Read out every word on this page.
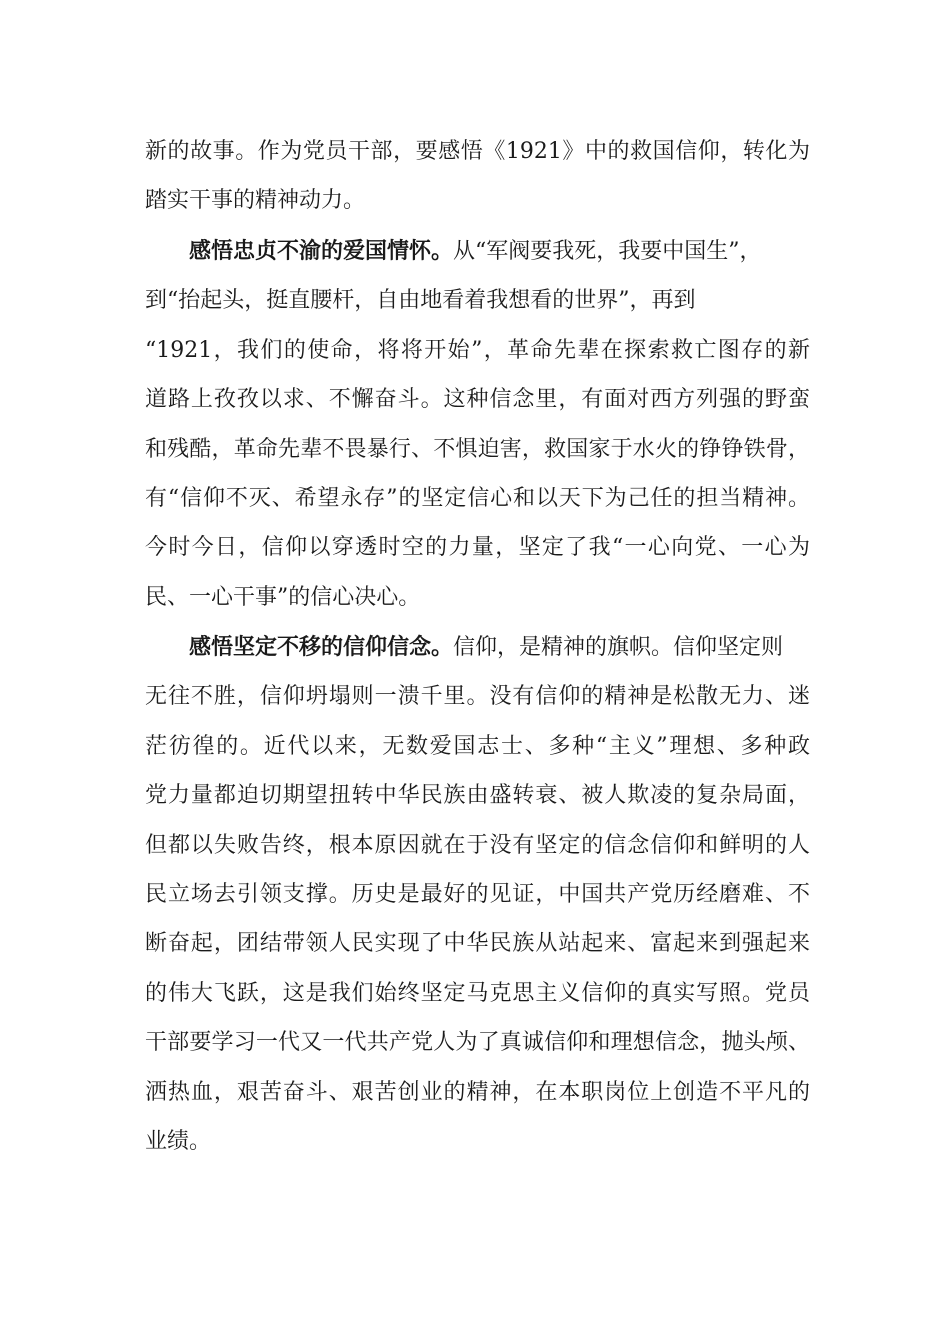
新的故事。作为党员干部，要感悟《1921》中的救国信仰，转化为
踏实干事的精神动力。
感悟忠贞不渝的爱国情怀。从“军阀要我死，我要中国生”，
到“抬起头，挺直腰杆，自由地看着我想看的世界”，再到
“1921，我们的使命，将将开始”，革命先辈在探索救亡图存的新
道路上孜孜以求、不懈奋斗。这种信念里，有面对西方列强的野蛮
和残酷，革命先辈不畏暴行、不惧迫害，救国家于水火的铮铮铁骨，
有“信仰不灭、希望永存”的坚定信心和以天下为己任的担当精神。
今时今日，信仰以穿透时空的力量，坚定了我“一心向党、一心为
民、一心干事”的信心决心。
感悟坚定不移的信仰信念。信仰，是精神的旗帜。信仰坚定则
无往不胜，信仰坍塌则一溃千里。没有信仰的精神是松散无力、迷
茫彷徨的。近代以来，无数爱国志士、多种“主义”理想、多种政
党力量都迫切期望扭转中华民族由盛转衰、被人欺凌的复杂局面，
但都以失败告终，根本原因就在于没有坚定的信念信仰和鲜明的人
民立场去引领支撑。历史是最好的见证，中国共产党历经磨难、不
断奋起，团结带领人民实现了中华民族从站起来、富起来到强起来
的伟大飞跃，这是我们始终坚定马克思主义信仰的真实写照。党员
干部要学习一代又一代共产党人为了真诚信仰和理想信念，抛头颅、
洒热血，艰苦奋斗、艰苦创业的精神，在本职岗位上创造不平凡的
业绩。
